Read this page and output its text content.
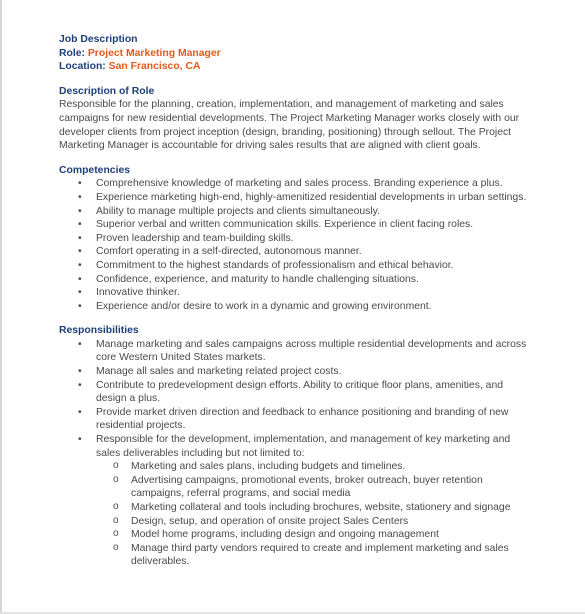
Job Description
Role: Project Marketing Manager
Location: San Francisco, CA
Description of Role

Responsible for the planning, creation, implementation, and management of marketing and sales campaigns for new residential developments. The Project Marketing Manager works closely with our developer clients from project inception (design, branding, positioning) through sellout. The Project Marketing Manager is accountable for driving sales results that are aligned with client goals.

Competencies
• Comprehensive knowledge of marketing and sales process. Branding experience a plus.
• Experience marketing high-end, highly-amenitized residential developments in urban settings.
• Ability to manage multiple projects and clients simultaneously.
• Superior verbal and written communication skills. Experience in client facing roles.
• Proven leadership and team-building skills.
• Comfort operating in a self-directed, autonomous manner.
• Commitment to the highest standards of professionalism and ethical behavior.
• Confidence, experience, and maturity to handle challenging situations.
• Innovative thinker.
• Experience and/or desire to work in a dynamic and growing environment.
Responsibilities
• Manage marketing and sales campaigns across multiple residential developments and across core Western United States markets.
• Manage all sales and marketing related project costs.
• Contribute to predevelopment design efforts. Ability to critique floor plans, amenities, and design a plus.
• Provide market driven direction and feedback to enhance positioning and branding of new residential projects.
• Responsible for the development, implementation, and management of key marketing and sales deliverables including but not limited to:
o Marketing and sales plans, including budgets and timelines.
o Advertising campaigns, promotional events, broker outreach, buyer retention campaigns, referral programs, and social media
o Marketing collateral and tools including brochures, website, stationery and signage
o Design, setup, and operation of onsite project Sales Centers
o Model home programs, including design and ongoing management
o Manage third party vendors required to create and implement marketing and sales deliverables.
